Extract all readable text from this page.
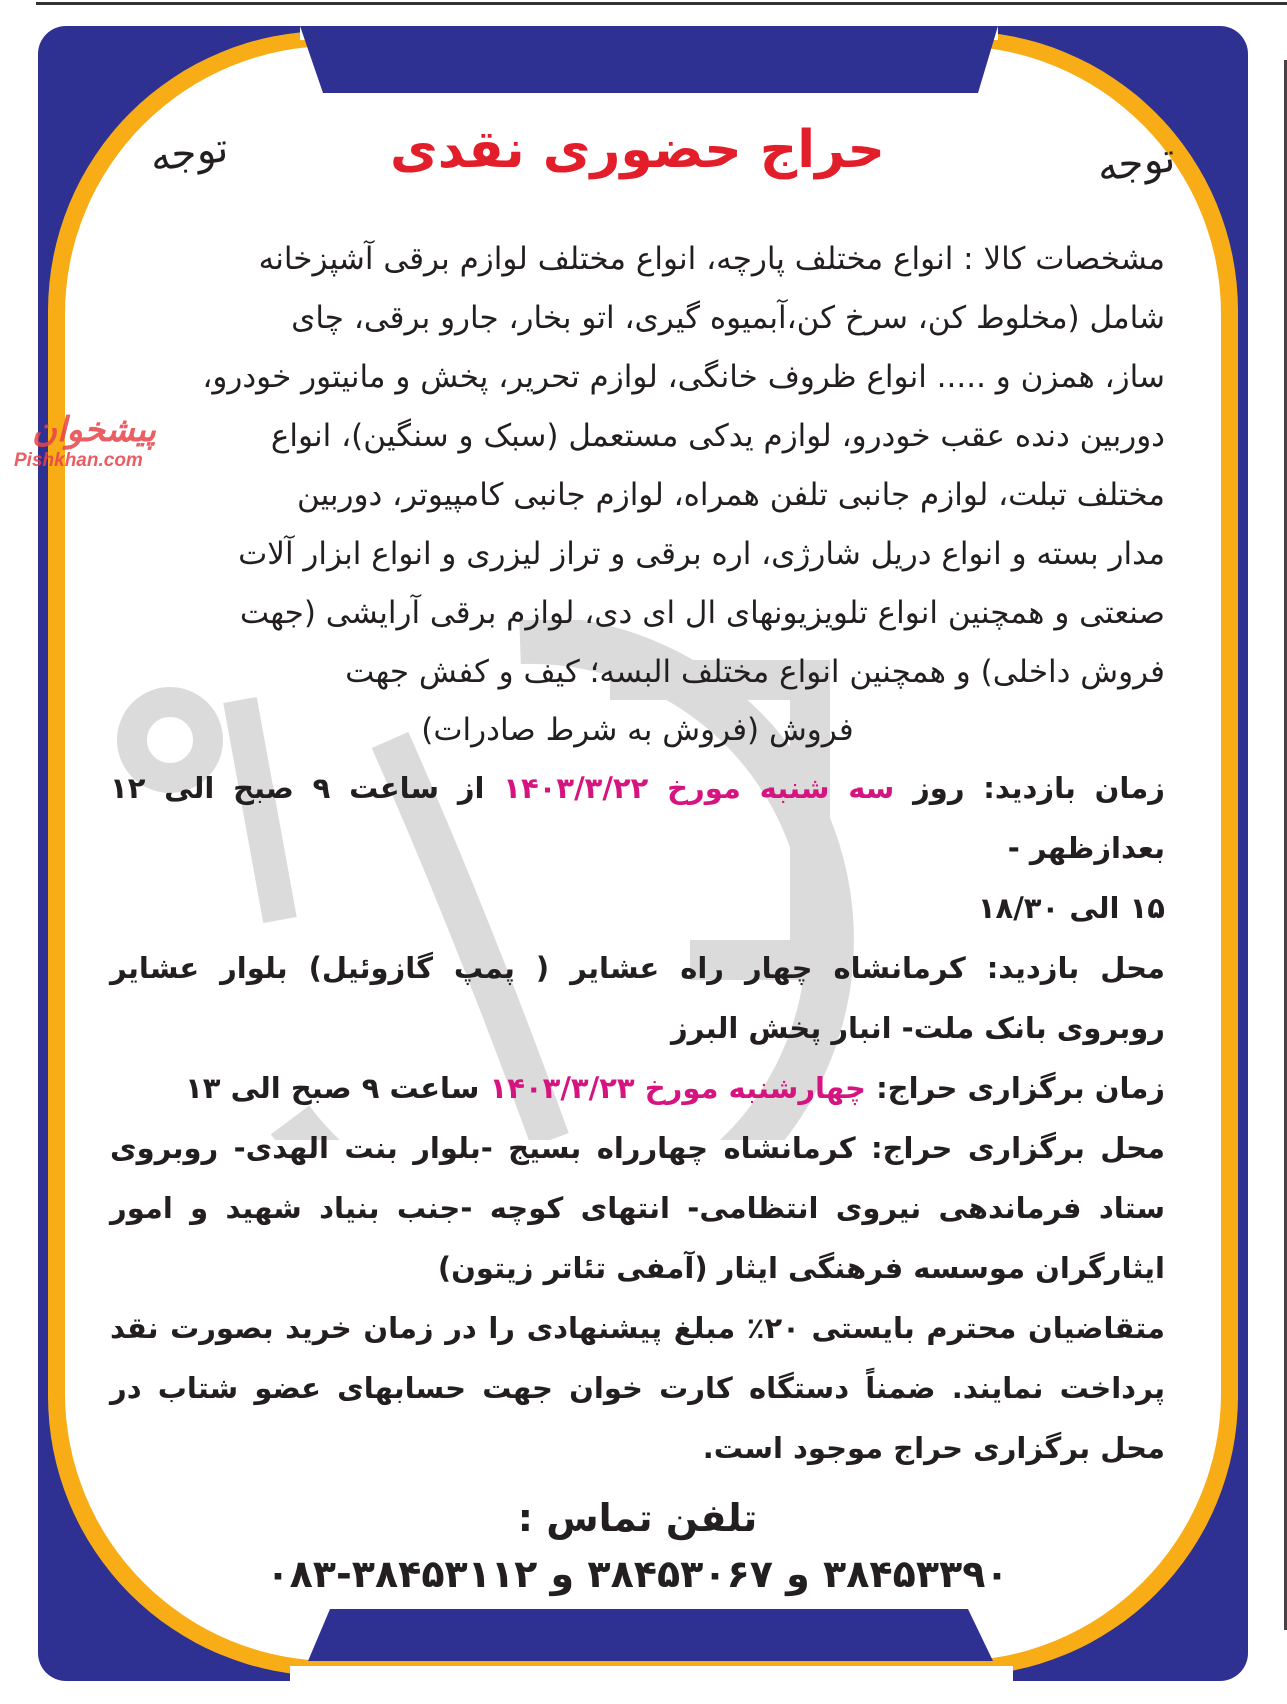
توجه
حراج حضوری نقدی
توجه
مشخصات کالا : انواع مختلف پارچه، انواع مختلف لوازم برقی آشپزخانه
شامل (مخلوط کن، سرخ کن،آبمیوه گیری، اتو بخار، جارو برقی، چای
ساز، همزن و ..... انواع ظروف خانگی، لوازم تحریر، پخش و مانیتور خودرو،
دوربین دنده عقب خودرو، لوازم یدکی مستعمل (سبک و سنگین)، انواع
مختلف تبلت، لوازم جانبی تلفن همراه، لوازم جانبی کامپیوتر، دوربین
مدار بسته و انواع دریل شارژی، اره برقی و تراز لیزری و انواع ابزار آلات
صنعتی و همچنین انواع تلویزیونهای ال ای دی، لوازم برقی آرایشی (جهت
فروش داخلی) و همچنین انواع مختلف البسه؛ کیف و کفش جهت
فروش (فروش به شرط صادرات)

زمان بازدید: روز سه شنبه مورخ ۱۴۰۳/۳/۲۲ از ساعت ۹ صبح الی ۱۲ بعدازظهر -
۱۵ الی ۱۸/۳۰

محل بازدید: کرمانشاه چهار راه عشایر ( پمپ گازوئیل) بلوار عشایر روبروی بانک ملت- انبار پخش البرز

زمان برگزاری حراج: چهارشنبه مورخ ۱۴۰۳/۳/۲۳ ساعت ۹ صبح الی ۱۳

محل برگزاری حراج: کرمانشاه چهارراه بسیج -بلوار بنت الهدی- روبروی ستاد فرماندهی نیروی انتظامی- انتهای کوچه -جنب بنیاد شهید و امور ایثارگران موسسه فرهنگی ایثار (آمفی تئاتر زیتون)

متقاضیان محترم بایستی ۲۰٪ مبلغ پیشنهادی را در زمان خرید بصورت نقد پرداخت نمایند. ضمناً دستگاه کارت خوان جهت حسابهای عضو شتاب در محل برگزاری حراج موجود است.

تلفن تماس :
۳۸۴۵۳۳۹۰ و ۳۸۴۵۳۰۶۷ و ۳۸۴۵۳۱۱۲-۰۸۳
پیشخوان
Pishkhan.com
